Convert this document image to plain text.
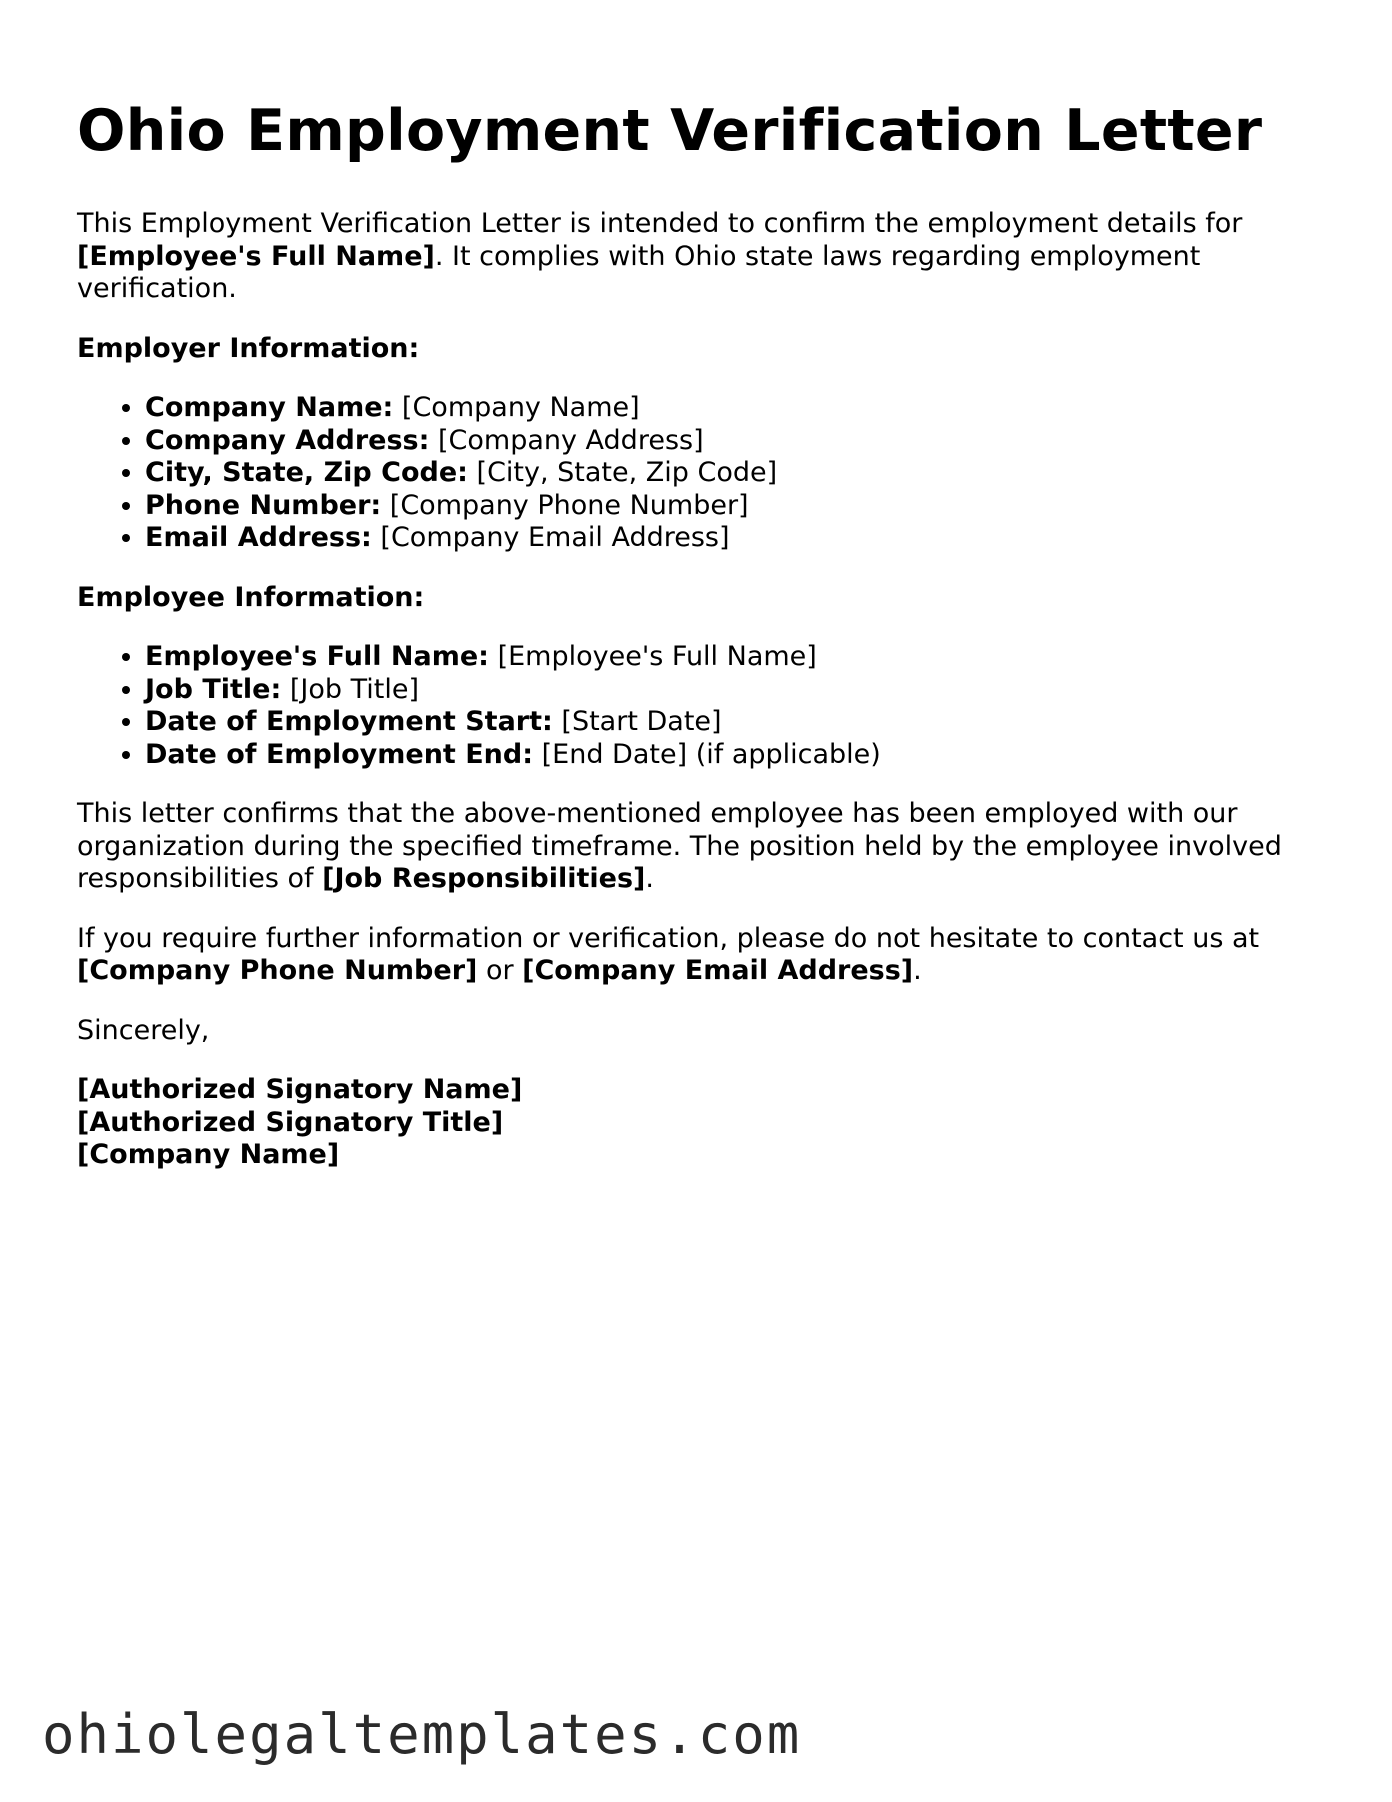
Ohio Employment Verification Letter

This Employment Verification Letter is intended to confirm the employment details for [Employee's Full Name]. It complies with Ohio state laws regarding employment verification.

Employer Information:

• Company Name: [Company Name]
• Company Address: [Company Address]
• City, State, Zip Code: [City, State, Zip Code]
• Phone Number: [Company Phone Number]
• Email Address: [Company Email Address]

Employee Information:

• Employee's Full Name: [Employee's Full Name]
• Job Title: [Job Title]
• Date of Employment Start: [Start Date]
• Date of Employment End: [End Date] (if applicable)

This letter confirms that the above-mentioned employee has been employed with our organization during the specified timeframe. The position held by the employee involved responsibilities of [Job Responsibilities].

If you require further information or verification, please do not hesitate to contact us at [Company Phone Number] or [Company Email Address].

Sincerely,

[Authorized Signatory Name]

[Authorized Signatory Title]

[Company Name]

ohiolegaltemplates.com
